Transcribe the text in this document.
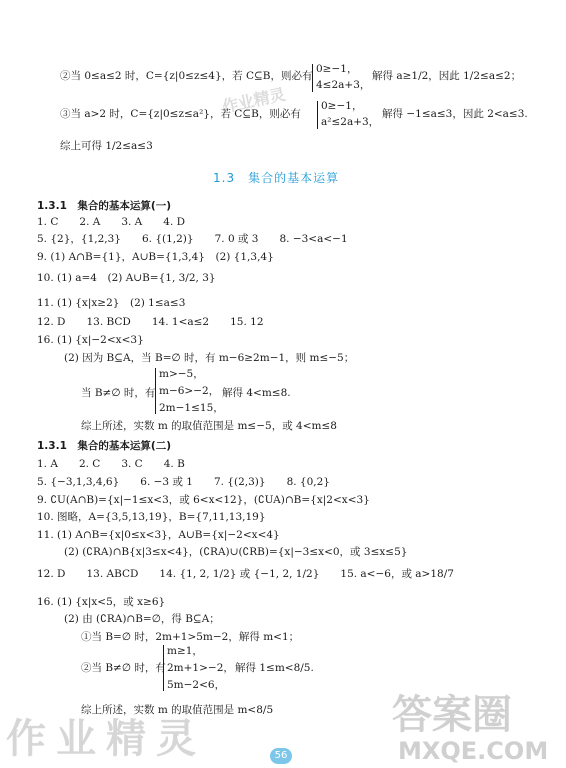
作业精灵
作业精灵
答案圈
MXQE.COM
②当 0≤a≤2 时，C={z|0≤z≤4}，若 C⊆B，则必有
0≥−1，
4≤2a+3，
解得 a≥1/2，因此 1/2≤a≤2；
③当 a>2 时，C={z|0≤z≤a²}，若 C⊆B，则必有
0≥−1，
a²≤2a+3，
解得 −1≤a≤3，因此 2<a≤3.
综上可得 1/2≤a≤3
1.3　集合的基本运算
1.3.1　集合的基本运算(一)
1. C　　2. A　　3. A　　4. D
5. {2}，{1,2,3}　　6. {(1,2)}　　7. 0 或 3　　8. −3<a<−1
9. (1) A∩B={1}，A∪B={1,3,4}　(2) {1,3,4}
10. (1) a=4　(2) A∪B={1, 3/2, 3}
11. (1) {x|x≥2}　(2) 1≤a≤3
12. D　　13. BCD　　14. 1<a≤2　　15. 12
16. (1) {x|−2<x<3}
(2) 因为 B⊆A，当 B=∅ 时，有 m−6≥2m−1，则 m≤−5；
当 B≠∅ 时，有
m>−5，
m−6>−2，
2m−1≤15，
解得 4<m≤8.
综上所述，实数 m 的取值范围是 m≤−5，或 4<m≤8
1.3.1　集合的基本运算(二)
1. A　　2. C　　3. C　　4. B
5. {−3,1,3,4,6}　　6. −3 或 1　　7. {(2,3)}　　8. {0,2}
9. ∁U(A∩B)={x|−1≤x<3，或 6<x<12}，(∁UA)∩B={x|2<x<3}
10. 图略，A={3,5,13,19}，B={7,11,13,19}
11. (1) A∩B={x|0≤x<3}，A∪B={x|−2<x<4}
(2) (∁RA)∩B{x|3≤x<4}，(∁RA)∪(∁RB)={x|−3≤x<0，或 3≤x≤5}
12. D　　13. ABCD　　14. {1, 2, 1/2} 或 {−1, 2, 1/2}　　15. a<−6，或 a>18/7
16. (1) {x|x<5，或 x≥6}
(2) 由 (∁RA)∩B=∅，得 B⊆A；
①当 B=∅ 时，2m+1>5m−2，解得 m<1；
②当 B≠∅ 时，有
m≥1，
2m+1>−2，
5m−2<6，
解得 1≤m<8/5.
综上所述，实数 m 的取值范围是 m<8/5
56
